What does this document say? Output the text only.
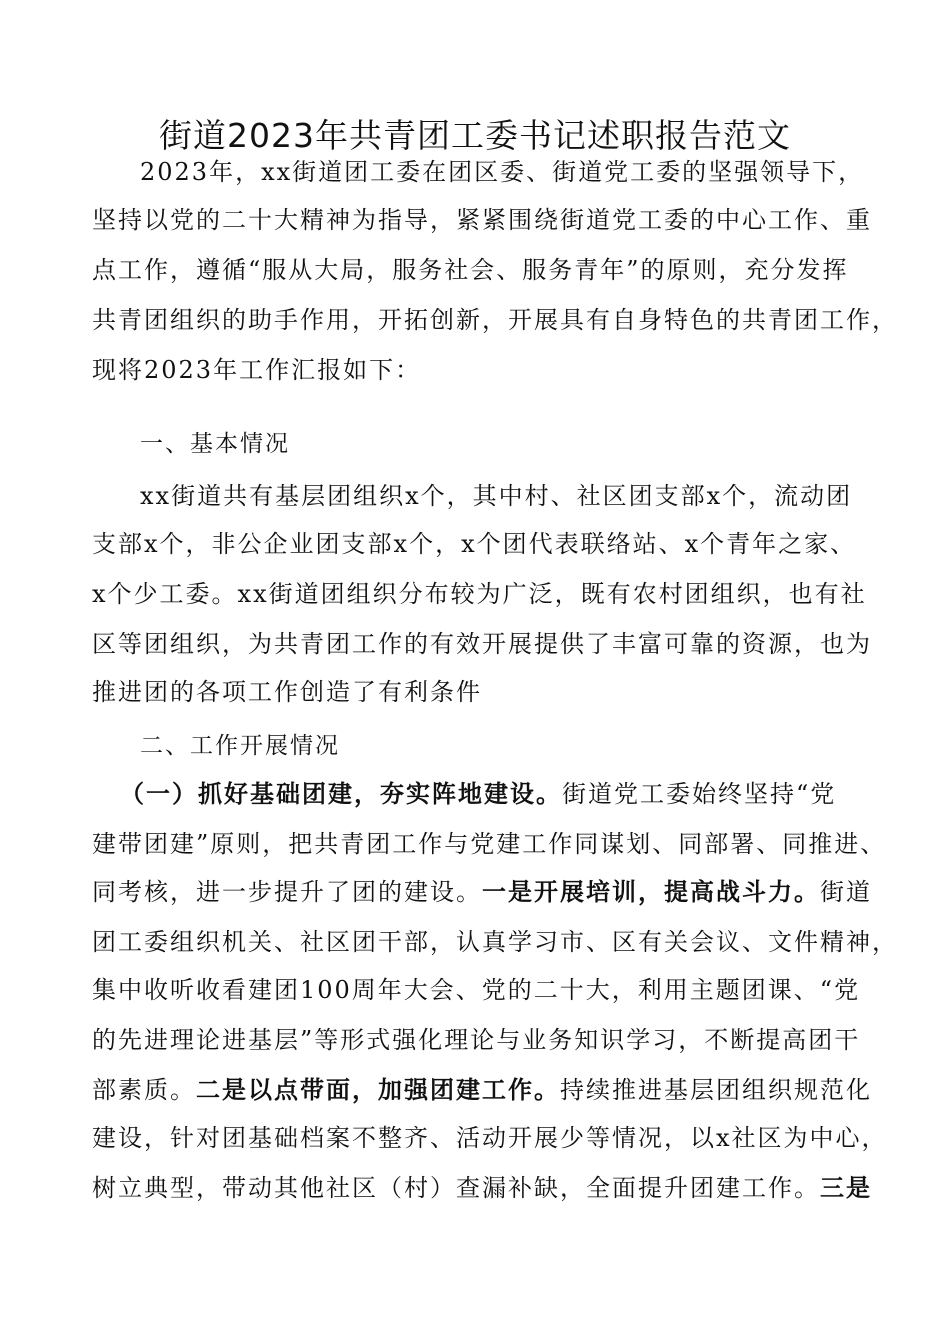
街道2023年共青团工委书记述职报告范文
2023年，xx街道团工委在团区委、街道党工委的坚强领导下，
坚持以党的二十大精神为指导，紧紧围绕街道党工委的中心工作、重
点工作，遵循“服从大局，服务社会、服务青年”的原则，充分发挥
共青团组织的助手作用，开拓创新，开展具有自身特色的共青团工作，
现将2023年工作汇报如下：
一、基本情况
xx街道共有基层团组织x个，其中村、社区团支部x个，流动团
支部x个，非公企业团支部x个，x个团代表联络站、x个青年之家、
x个少工委。xx街道团组织分布较为广泛，既有农村团组织，也有社
区等团组织，为共青团工作的有效开展提供了丰富可靠的资源，也为
推进团的各项工作创造了有利条件
二、工作开展情况
（一）抓好基础团建，夯实阵地建设。街道党工委始终坚持“党
建带团建”原则，把共青团工作与党建工作同谋划、同部署、同推进、
同考核，进一步提升了团的建设。一是开展培训，提高战斗力。街道
团工委组织机关、社区团干部，认真学习市、区有关会议、文件精神，
集中收听收看建团100周年大会、党的二十大，利用主题团课、“党
的先进理论进基层”等形式强化理论与业务知识学习，不断提高团干
部素质。二是以点带面，加强团建工作。持续推进基层团组织规范化
建设，针对团基础档案不整齐、活动开展少等情况，以x社区为中心，
树立典型，带动其他社区（村）查漏补缺，全面提升团建工作。三是
